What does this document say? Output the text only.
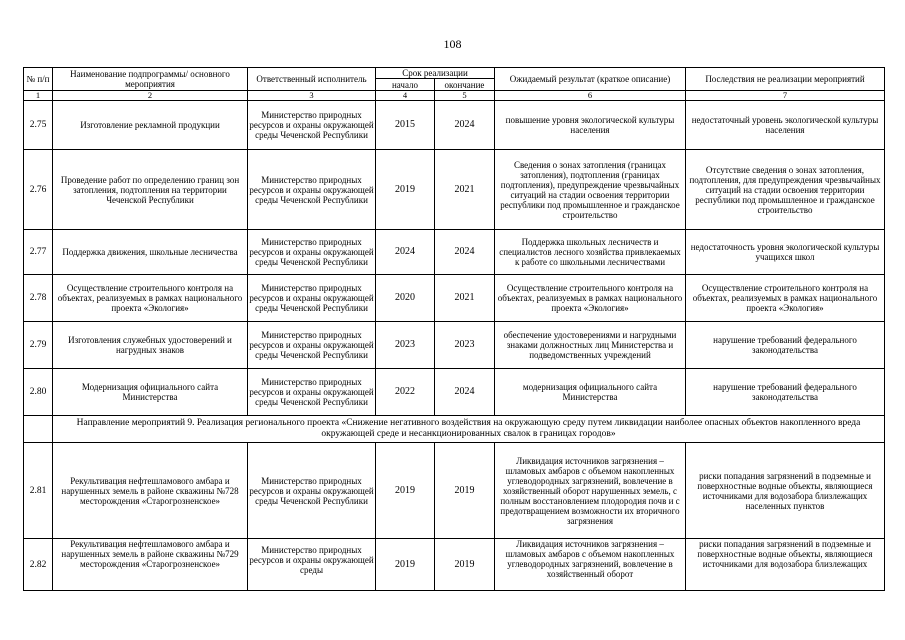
108
№ п/п	Наименование подпрограммы/ основного мероприятия	Ответственный исполнитель	Срок реализации		Ожидаемый результат (краткое описание)	Последствия не реализации мероприятий
			начало	окончание		
1	2	3	4	5	6	7
2.75	Изготовление рекламной продукции	Министерство природных ресурсов и охраны окружающей среды Чеченской Республики	2015	2024	повышение уровня экологической культуры населения	недостаточный уровень экологической культуры населения
2.76	Проведение работ по определению границ зон затопления, подтопления на территории Чеченской Республики	Министерство природных ресурсов и охраны окружающей среды Чеченской Республики	2019	2021	Сведения о зонах затопления (границах затопления), подтопления (границах подтопления), предупреждение чрезвычайных ситуаций на стадии освоения территории республики под промышленное и гражданское строительство	Отсутствие сведения о зонах затопления, подтопления, для предупреждения чрезвычайных ситуаций на стадии освоения территории республики под промышленное и гражданское строительство
2.77	Поддержка движения, школьные лесничества	Министерство природных ресурсов и охраны окружающей среды Чеченской Республики	2024	2024	Поддержка школьных лесничеств и специалистов лесного хозяйства привлекаемых к работе со школьными лесничествами	недостаточность уровня экологической культуры учащихся школ
2.78	Осуществление строительного контроля на объектах, реализуемых в рамках национального проекта «Экология»	Министерство природных ресурсов и охраны окружающей среды Чеченской Республики	2020	2021	Осуществление строительного контроля на объектах, реализуемых в рамках национального проекта «Экология»	Осуществление строительного контроля на объектах, реализуемых в рамках национального проекта «Экология»
2.79	Изготовления служебных удостоверений и нагрудных знаков	Министерство природных ресурсов и охраны окружающей среды Чеченской Республики	2023	2023	обеспечение удостоверениями и нагрудными знаками должностных лиц Министерства и подведомственных учреждений	нарушение требований федерального законодательства
2.80	Модернизация официального сайта Министерства	Министерство природных ресурсов и охраны окружающей среды Чеченской Республики	2022	2024	модернизация официального сайта Министерства	нарушение требований федерального законодательства
	Направление мероприятий 9. Реализация регионального проекта «Снижение негативного воздействия на окружающую среду путем ликвидации наиболее опасных объектов накопленного вреда окружающей среде и несанкционированных свалок в границах городов»					
2.81	Рекультивация нефтешламового амбара и нарушенных земель в районе скважины №728 месторождения «Старогрозненское»	Министерство природных ресурсов и охраны окружающей среды Чеченской Республики	2019	2019	Ликвидация источников загрязнения – шламовых амбаров с объемом накопленных углеводородных загрязнений, вовлечение в хозяйственный оборот нарушенных земель, с полным восстановлением плодородия почв и с предотвращением возможности их вторичного загрязнения	риски попадания загрязнений в подземные и поверхностные водные объекты, являющиеся источниками для водозабора близлежащих населенных пунктов
2.82	Рекультивация нефтешламового амбара и нарушенных земель в районе скважины №729 месторождения «Старогрозненское»	Министерство природных ресурсов и охраны окружающей среды	2019	2019	Ликвидация источников загрязнения – шламовых амбаров с объемом накопленных углеводородных загрязнений, вовлечение в хозяйственный оборот	риски попадания загрязнений в подземные и поверхностные водные объекты, являющиеся источниками для водозабора близлежащих
